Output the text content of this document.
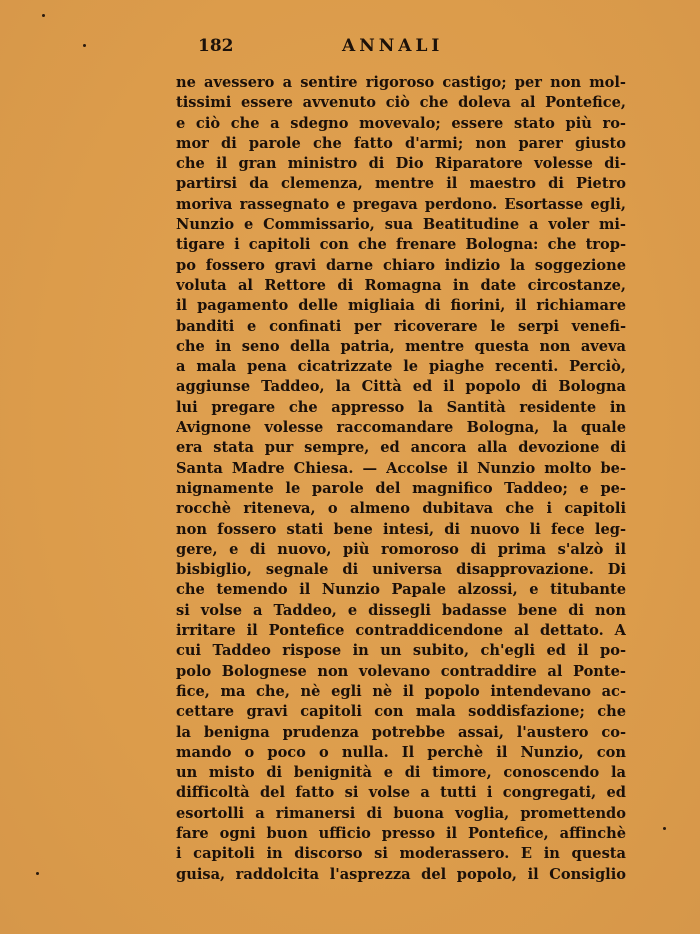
182	ANNALI
ne avessero a sentire rigoroso castigo; per non mol-
tissimi essere avvenuto ciò che doleva al Pontefice,
e ciò che a sdegno movevalo; essere stato più ro-
mor di parole che fatto d'armi; non parer giusto
che il gran ministro di Dio Riparatore volesse di-
partirsi da clemenza, mentre il maestro di Pietro
moriva rassegnato e pregava perdono. Esortasse egli,
Nunzio e Commissario, sua Beatitudine a voler mi-
tigare i capitoli con che frenare Bologna: che trop-
po fossero gravi darne chiaro indizio la soggezione
voluta al Rettore di Romagna in date circostanze,
il pagamento delle migliaia di fiorini, il richiamare
banditi e confinati per ricoverare le serpi venefi-
che in seno della patria, mentre questa non aveva
a mala pena cicatrizzate le piaghe recenti. Perciò,
aggiunse Taddeo, la Città ed il popolo di Bologna
lui pregare che appresso la Santità residente in
Avignone volesse raccomandare Bologna, la quale
era stata pur sempre, ed ancora alla devozione di
Santa Madre Chiesa. — Accolse il Nunzio molto be-
nignamente le parole del magnifico Taddeo; e pe-
rocchè riteneva, o almeno dubitava che i capitoli
non fossero stati bene intesi, di nuovo li fece leg-
gere, e di nuovo, più romoroso di prima s'alzò il
bisbiglio, segnale di universa disapprovazione. Di
che temendo il Nunzio Papale alzossi, e titubante
si volse a Taddeo, e dissegli badasse bene di non
irritare il Pontefice contraddicendone al dettato. A
cui Taddeo rispose in un subito, ch'egli ed il po-
polo Bolognese non volevano contraddire al Ponte-
fice, ma che, nè egli nè il popolo intendevano ac-
cettare gravi capitoli con mala soddisfazione; che
la benigna prudenza potrebbe assai, l'austero co-
mando o poco o nulla. Il perchè il Nunzio, con
un misto di benignità e di timore, conoscendo la
difficoltà del fatto si volse a tutti i congregati, ed
esortolli a rimanersi di buona voglia, promettendo
fare ogni buon ufficio presso il Pontefice, affinchè
i capitoli in discorso si moderassero. E in questa
guisa, raddolcita l'asprezza del popolo, il Consiglio
